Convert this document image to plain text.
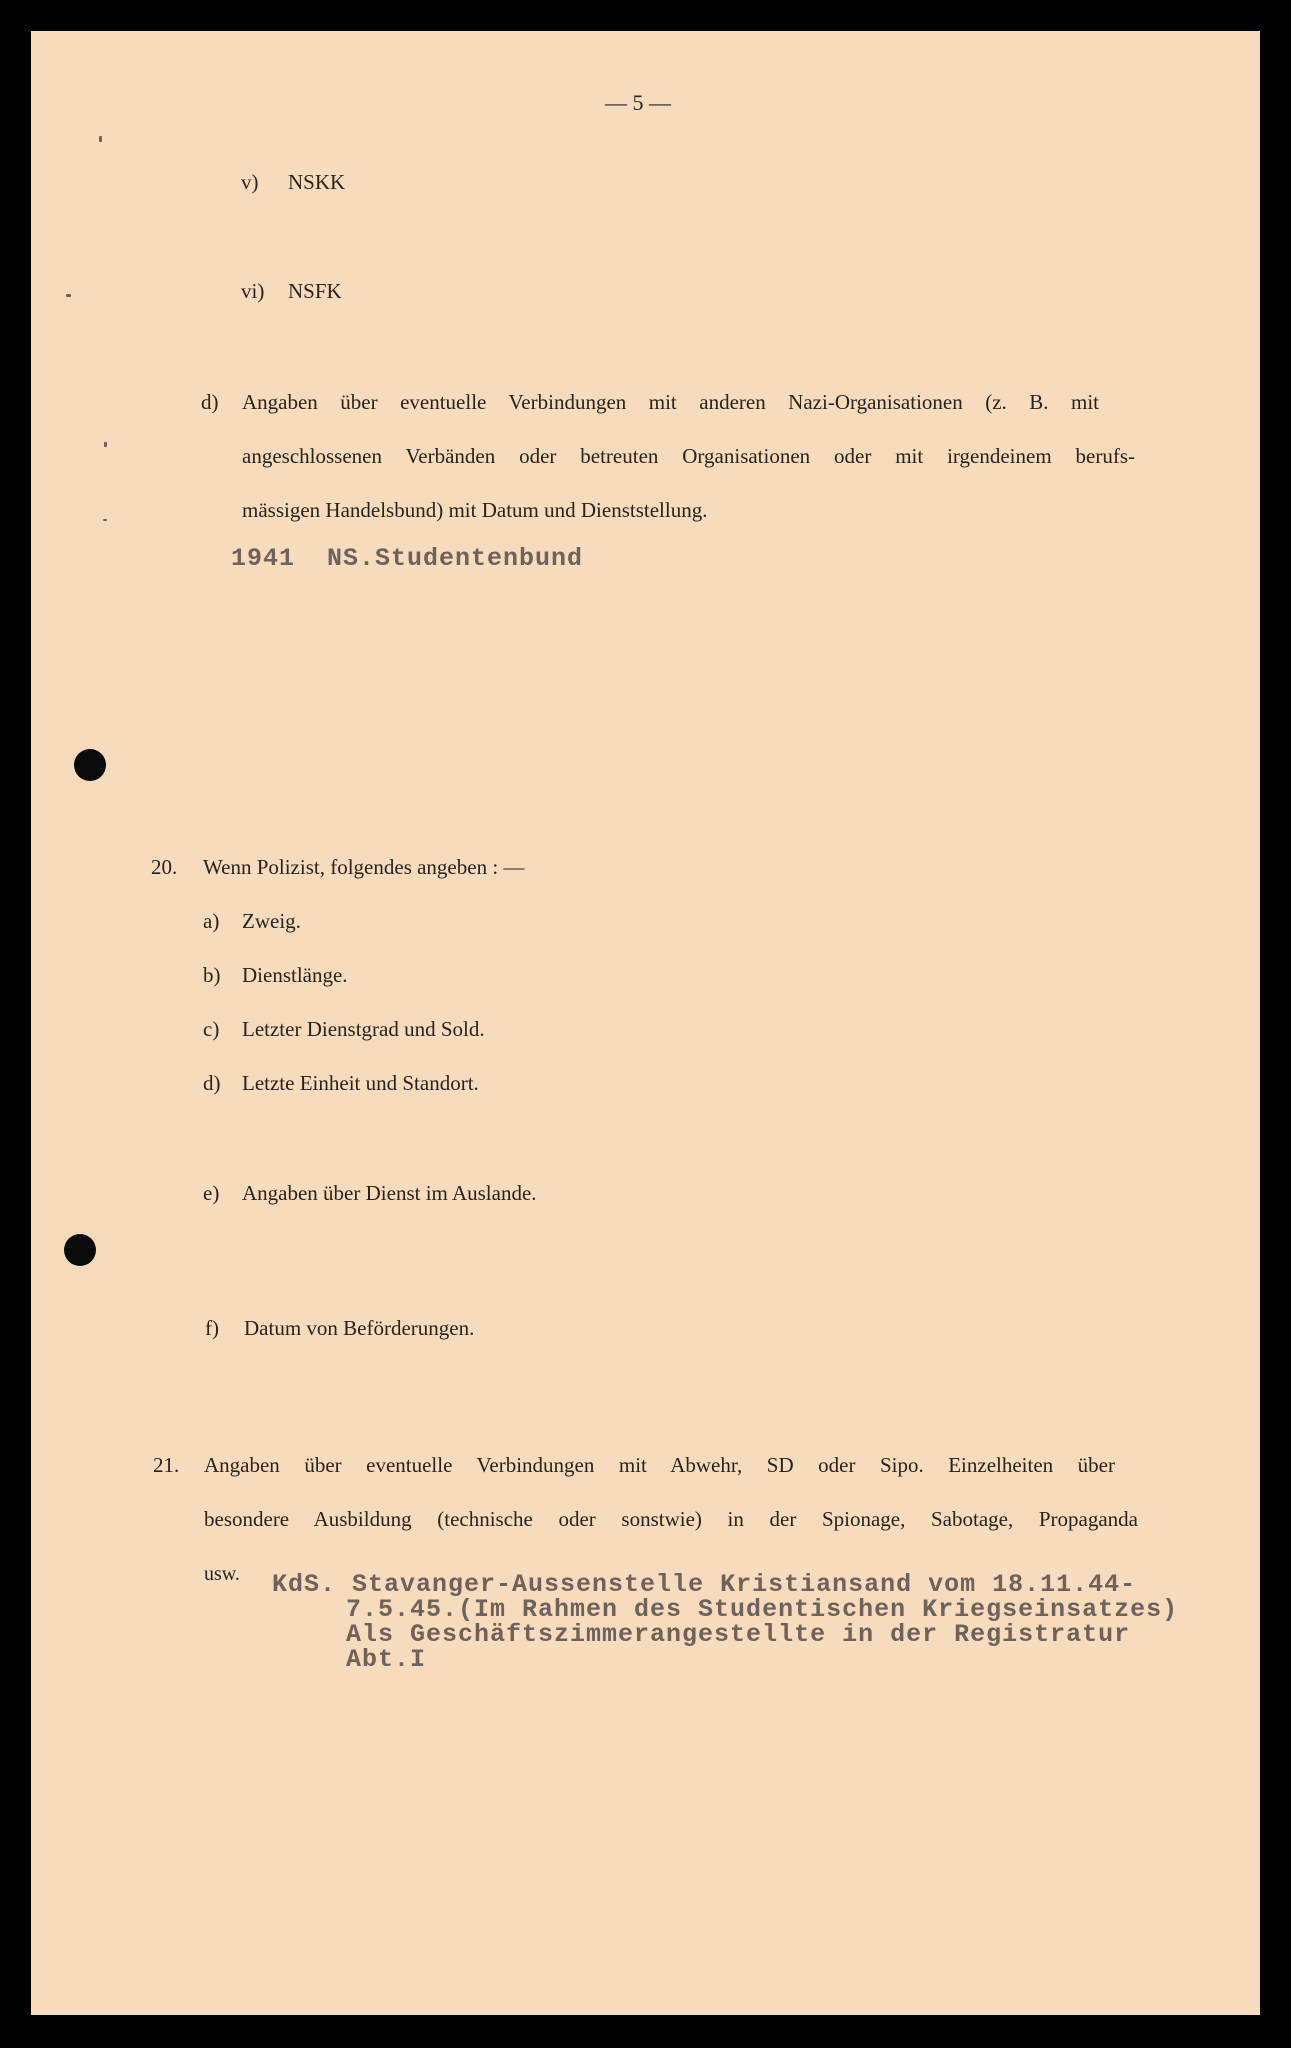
— 5 —
v) NSKK
vi) NSFK
d) Angaben über eventuelle Verbindungen mit anderen Nazi-Organisationen (z. B. mit
angeschlossenen Verbänden oder betreuten Organisationen oder mit irgendeinem berufs-
mässigen Handelsbund) mit Datum und Dienststellung.
1941  NS.Studentenbund
20. Wenn Polizist, folgendes angeben : —
a) Zweig.
b) Dienstlänge.
c) Letzter Dienstgrad und Sold.
d) Letzte Einheit und Standort.
e) Angaben über Dienst im Auslande.
f) Datum von Beförderungen.
21. Angaben über eventuelle Verbindungen mit Abwehr, SD oder Sipo. Einzelheiten über
besondere Ausbildung (technische oder sonstwie) in der Spionage, Sabotage, Propaganda
usw. KdS. Stavanger-Aussenstelle Kristiansand vom 18.11.44-
7.5.45.(Im Rahmen des Studentischen Kriegseinsatzes)
Als Geschäftszimmerangestellte in der Registratur
Abt.I
